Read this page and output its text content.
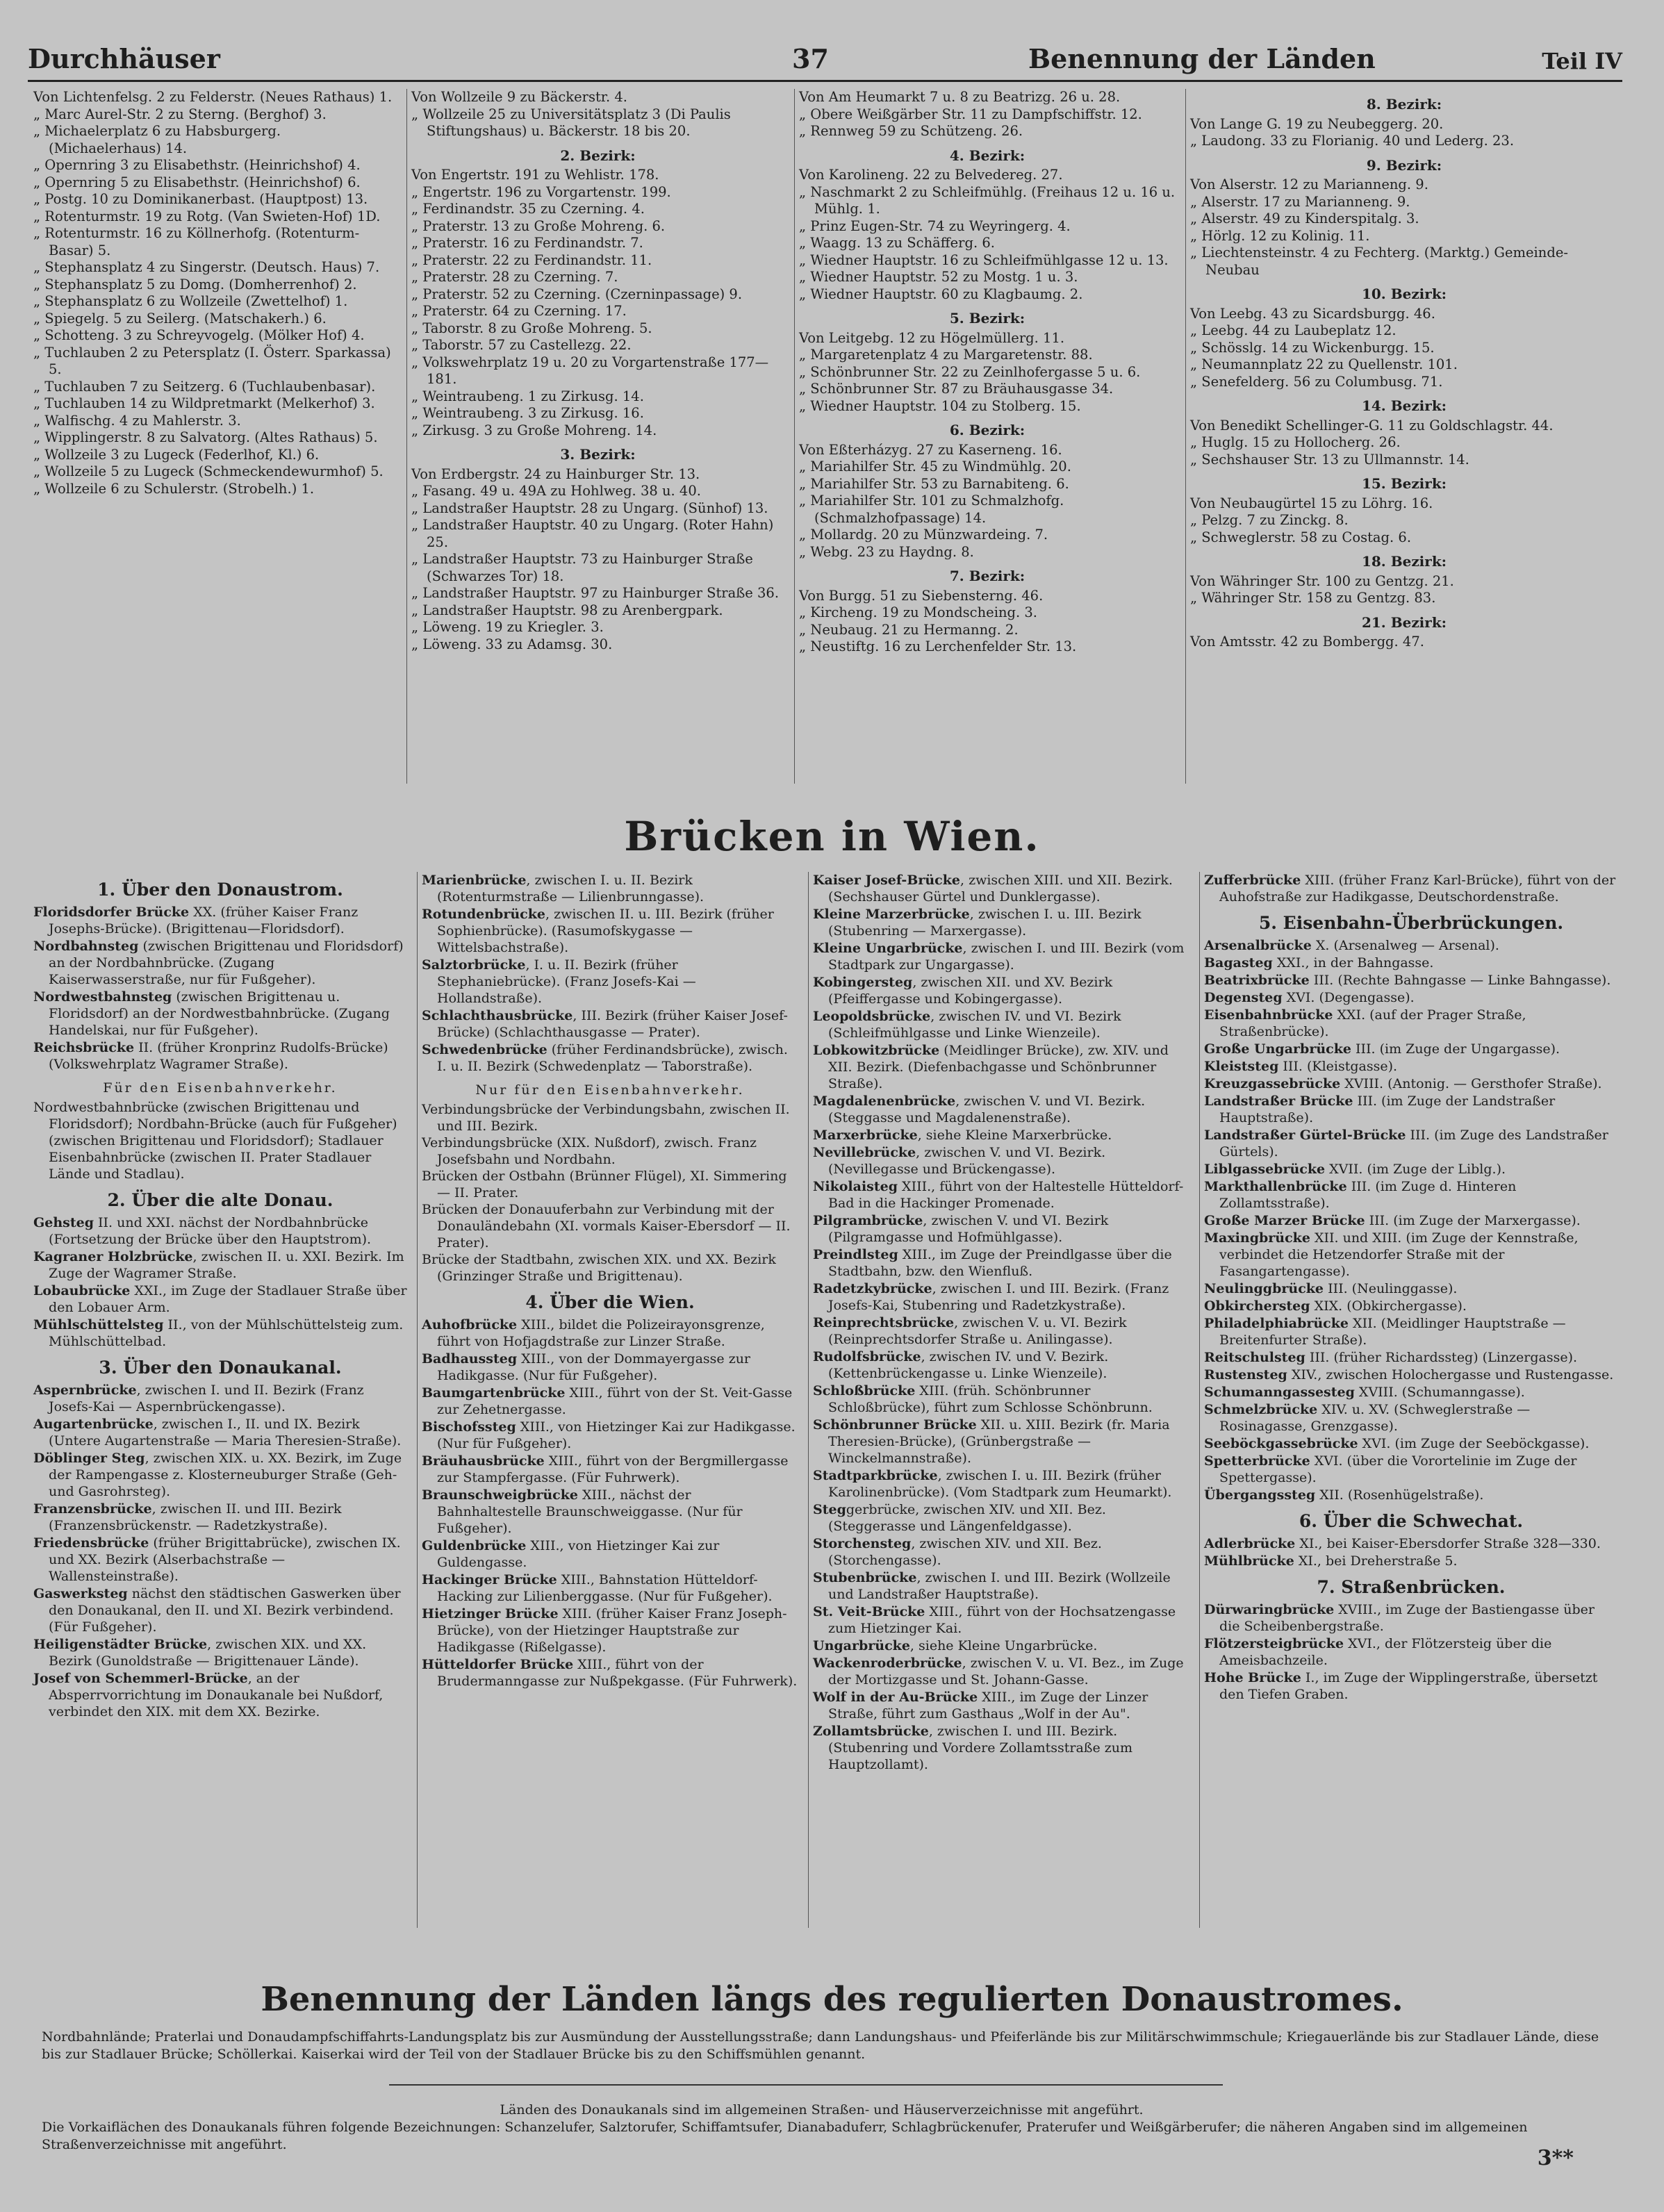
Durchhäuser	37	Benennung der Länden	Teil IV

Von Lichtenfelsg. 2 zu Felderstr. (Neues Rathaus) 1.

„ Marc Aurel-Str. 2 zu Sterng. (Berghof) 3.

„ Michaelerplatz 6 zu Habsburgerg. (Michaelerhaus) 14.

„ Opernring 3 zu Elisabethstr. (Heinrichshof) 4.

„ Opernring 5 zu Elisabethstr. (Heinrichshof) 6.

„ Postg. 10 zu Dominikanerbast. (Hauptpost) 13.

„ Rotenturmstr. 19 zu Rotg. (Van Swieten-Hof) 1D.

„ Rotenturmstr. 16 zu Köllnerhofg. (Rotenturm-Basar) 5.

„ Stephansplatz 4 zu Singerstr. (Deutsch. Haus) 7.

„ Stephansplatz 5 zu Domg. (Domherrenhof) 2.

„ Stephansplatz 6 zu Wollzeile (Zwettelhof) 1.

„ Spiegelg. 5 zu Seilerg. (Matschakerh.) 6.

„ Schotteng. 3 zu Schreyvogelg. (Mölker Hof) 4.

„ Tuchlauben 2 zu Petersplatz (I. Österr. Sparkassa) 5.

„ Tuchlauben 7 zu Seitzerg. 6 (Tuchlaubenbasar).

„ Tuchlauben 14 zu Wildpretmarkt (Melkerhof) 3.

„ Walfischg. 4 zu Mahlerstr. 3.

„ Wipplingerstr. 8 zu Salvatorg. (Altes Rathaus) 5.

„ Wollzeile 3 zu Lugeck (Federlhof, Kl.) 6.

„ Wollzeile 5 zu Lugeck (Schmeckendewurmhof) 5.

„ Wollzeile 6 zu Schulerstr. (Strobelh.) 1.

Von Wollzeile 9 zu Bäckerstr. 4.

„ Wollzeile 25 zu Universitätsplatz 3 (Di Paulis Stiftungshaus) u. Bäckerstr. 18 bis 20.

2. Bezirk:

Von Engertstr. 191 zu Wehlistr. 178.

„ Engertstr. 196 zu Vorgartenstr. 199.

„ Ferdinandstr. 35 zu Czerning. 4.

„ Praterstr. 13 zu Große Mohreng. 6.

„ Praterstr. 16 zu Ferdinandstr. 7.

„ Praterstr. 22 zu Ferdinandstr. 11.

„ Praterstr. 28 zu Czerning. 7.

„ Praterstr. 52 zu Czerning. (Czerninpassage) 9.

„ Praterstr. 64 zu Czerning. 17.

„ Taborstr. 8 zu Große Mohreng. 5.

„ Taborstr. 57 zu Castellezg. 22.

„ Volkswehrplatz 19 u. 20 zu Vorgartenstraße 177—181.

„ Weintraubeng. 1 zu Zirkusg. 14.

„ Weintraubeng. 3 zu Zirkusg. 16.

„ Zirkusg. 3 zu Große Mohreng. 14.

3. Bezirk:

Von Erdbergstr. 24 zu Hainburger Str. 13.

„ Fasang. 49 u. 49A zu Hohlweg. 38 u. 40.

„ Landstraßer Hauptstr. 28 zu Ungarg. (Sünhof) 13.

„ Landstraßer Hauptstr. 40 zu Ungarg. (Roter Hahn) 25.

„ Landstraßer Hauptstr. 73 zu Hainburger Straße (Schwarzes Tor) 18.

„ Landstraßer Hauptstr. 97 zu Hainburger Straße 36.

„ Landstraßer Hauptstr. 98 zu Arenbergpark.

„ Löweng. 19 zu Kriegler. 3.

„ Löweng. 33 zu Adamsg. 30.

Von Am Heumarkt 7 u. 8 zu Beatrizg. 26 u. 28.

„ Obere Weißgärber Str. 11 zu Dampfschiffstr. 12.

„ Rennweg 59 zu Schützeng. 26.

4. Bezirk:

Von Karolineng. 22 zu Belvedereg. 27.

„ Naschmarkt 2 zu Schleifmühlg. (Freihaus 12 u. 16 u. Mühlg. 1.

„ Prinz Eugen-Str. 74 zu Weyringerg. 4.

„ Waagg. 13 zu Schäfferg. 6.

„ Wiedner Hauptstr. 16 zu Schleifmühlgasse 12 u. 13.

„ Wiedner Hauptstr. 52 zu Mostg. 1 u. 3.

„ Wiedner Hauptstr. 60 zu Klagbaumg. 2.

5. Bezirk:

Von Leitgebg. 12 zu Högelmüllerg. 11.

„ Margaretenplatz 4 zu Margaretenstr. 88.

„ Schönbrunner Str. 22 zu Zeinlhofergasse 5 u. 6.

„ Schönbrunner Str. 87 zu Bräuhausgasse 34.

„ Wiedner Hauptstr. 104 zu Stolberg. 15.

6. Bezirk:

Von Eßterházyg. 27 zu Kaserneng. 16.

„ Mariahilfer Str. 45 zu Windmühlg. 20.

„ Mariahilfer Str. 53 zu Barnabiteng. 6.

„ Mariahilfer Str. 101 zu Schmalzhofg. (Schmalzhofpassage) 14.

„ Mollardg. 20 zu Münzwardeing. 7.

„ Webg. 23 zu Haydng. 8.

7. Bezirk:

Von Burgg. 51 zu Siebensterng. 46.

„ Kircheng. 19 zu Mondscheing. 3.

„ Neubaug. 21 zu Hermanng. 2.

„ Neustiftg. 16 zu Lerchenfelder Str. 13.

8. Bezirk:

Von Lange G. 19 zu Neubeggerg. 20.

„ Laudong. 33 zu Florianig. 40 und Lederg. 23.

9. Bezirk:

Von Alserstr. 12 zu Marianneng. 9.

„ Alserstr. 17 zu Marianneng. 9.

„ Alserstr. 49 zu Kinderspitalg. 3.

„ Hörlg. 12 zu Kolinig. 11.

„ Liechtensteinstr. 4 zu Fechterg. (Marktg.) Gemeinde-Neubau

10. Bezirk:

Von Leebg. 43 zu Sicardsburgg. 46.

„ Leebg. 44 zu Laubeplatz 12.

„ Schösslg. 14 zu Wickenburgg. 15.

„ Neumannplatz 22 zu Quellenstr. 101.

„ Senefelderg. 56 zu Columbusg. 71.

14. Bezirk:

Von Benedikt Schellinger-G. 11 zu Goldschlagstr. 44.

„ Huglg. 15 zu Hollocherg. 26.

„ Sechshauser Str. 13 zu Ullmannstr. 14.

15. Bezirk:

Von Neubaugürtel 15 zu Löhrg. 16.

„ Pelzg. 7 zu Zinckg. 8.

„ Schweglerstr. 58 zu Costag. 6.

18. Bezirk:

Von Währinger Str. 100 zu Gentzg. 21.

„ Währinger Str. 158 zu Gentzg. 83.

21. Bezirk:

Von Amtsstr. 42 zu Bombergg. 47.

Brücken in Wien.
1. Über den Donaustrom.

Floridsdorfer Brücke XX. (früher Kaiser Franz Josephs-Brücke). (Brigittenau—Floridsdorf).

Nordbahnsteg (zwischen Brigittenau und Floridsdorf) an der Nordbahnbrücke. (Zugang Kaiserwasserstraße, nur für Fußgeher).

Nordwestbahnsteg (zwischen Brigittenau u. Floridsdorf) an der Nordwestbahnbrücke. (Zugang Handelskai, nur für Fußgeher).

Reichsbrücke II. (früher Kronprinz Rudolfs-Brücke) (Volkswehrplatz Wagramer Straße).

Für den Eisenbahnverkehr.
Nordwestbahnbrücke (zwischen Brigittenau und Floridsdorf); Nordbahn-Brücke (auch für Fußgeher) (zwischen Brigittenau und Floridsdorf); Stadlauer Eisenbahnbrücke (zwischen II. Prater Stadlauer Lände und Stadlau).
2. Über die alte Donau.

Gehsteg II. und XXI. nächst der Nordbahnbrücke (Fortsetzung der Brücke über den Hauptstrom).

Kagraner Holzbrücke, zwischen II. u. XXI. Bezirk. Im Zuge der Wagramer Straße.

Lobaubrücke XXI., im Zuge der Stadlauer Straße über den Lobauer Arm.

Mühlschüttelsteg II., von der Mühlschüttelsteig zum. Mühlschüttelbad.

3. Über den Donaukanal.

Aspernbrücke, zwischen I. und II. Bezirk (Franz Josefs-Kai — Aspernbrückengasse).

Augartenbrücke, zwischen I., II. und IX. Bezirk (Untere Augartenstraße — Maria Theresien-Straße).

Döblinger Steg, zwischen XIX. u. XX. Bezirk, im Zuge der Rampengasse z. Klosterneuburger Straße (Geh- und Gasrohrsteg).

Franzensbrücke, zwischen II. und III. Bezirk (Franzensbrückenstr. — Radetzkystraße).

Friedensbrücke (früher Brigittabrücke), zwischen IX. und XX. Bezirk (Alserbachstraße — Wallensteinstraße).

Gaswerksteg nächst den städtischen Gaswerken über den Donaukanal, den II. und XI. Bezirk verbindend. (Für Fußgeher).

Heiligenstädter Brücke, zwischen XIX. und XX. Bezirk (Gunoldstraße — Brigittenauer Lände).

Josef von Schemmerl-Brücke, an der Absperrvorrichtung im Donaukanale bei Nußdorf, verbindet den XIX. mit dem XX. Bezirke.

Marienbrücke, zwischen I. u. II. Bezirk (Rotenturmstraße — Lilienbrunngasse).

Rotundenbrücke, zwischen II. u. III. Bezirk (früher Sophienbrücke). (Rasumofskygasse — Wittelsbachstraße).

Salztorbrücke, I. u. II. Bezirk (früher Stephaniebrücke). (Franz Josefs-Kai — Hollandstraße).

Schlachthausbrücke, III. Bezirk (früher Kaiser Josef-Brücke) (Schlachthausgasse — Prater).

Schwedenbrücke (früher Ferdinandsbrücke), zwisch. I. u. II. Bezirk (Schwedenplatz — Taborstraße).

Nur für den Eisenbahnverkehr.

Verbindungsbrücke der Verbindungsbahn, zwischen II. und III. Bezirk.

Verbindungsbrücke (XIX. Nußdorf), zwisch. Franz Josefsbahn und Nordbahn.

Brücken der Ostbahn (Brünner Flügel), XI. Simmering — II. Prater.

Brücken der Donauuferbahn zur Verbindung mit der Donauländebahn (XI. vormals Kaiser-Ebersdorf — II. Prater).

Brücke der Stadtbahn, zwischen XIX. und XX. Bezirk (Grinzinger Straße und Brigittenau).

4. Über die Wien.

Auhofbrücke XIII., bildet die Polizeirayonsgrenze, führt von Hofjagdstraße zur Linzer Straße.

Badhaussteg XIII., von der Dommayergasse zur Hadikgasse. (Nur für Fußgeher).

Baumgartenbrücke XIII., führt von der St. Veit-Gasse zur Zehetnergasse.

Bischofssteg XIII., von Hietzinger Kai zur Hadikgasse. (Nur für Fußgeher).

Bräuhausbrücke XIII., führt von der Bergmillergasse zur Stampfergasse. (Für Fuhrwerk).

Braunschweigbrücke XIII., nächst der Bahnhaltestelle Braunschweiggasse. (Nur für Fußgeher).

Guldenbrücke XIII., von Hietzinger Kai zur Guldengasse.

Hackinger Brücke XIII., Bahnstation Hütteldorf-Hacking zur Lilienberggasse. (Nur für Fußgeher).

Hietzinger Brücke XIII. (früher Kaiser Franz Joseph-Brücke), von der Hietzinger Hauptstraße zur Hadikgasse (Rißelgasse).

Hütteldorfer Brücke XIII., führt von der Brudermanngasse zur Nußpekgasse. (Für Fuhrwerk).

Kaiser Josef-Brücke, zwischen XIII. und XII. Bezirk. (Sechshauser Gürtel und Dunklergasse).

Kleine Marzerbrücke, zwischen I. u. III. Bezirk (Stubenring — Marxergasse).

Kleine Ungarbrücke, zwischen I. und III. Bezirk (vom Stadtpark zur Ungargasse).

Kobingersteg, zwischen XII. und XV. Bezirk (Pfeiffergasse und Kobingergasse).

Leopoldsbrücke, zwischen IV. und VI. Bezirk (Schleifmühlgasse und Linke Wienzeile).

Lobkowitzbrücke (Meidlinger Brücke), zw. XIV. und XII. Bezirk. (Diefenbachgasse und Schönbrunner Straße).

Magdalenenbrücke, zwischen V. und VI. Bezirk. (Steggasse und Magdalenenstraße).

Marxerbrücke, siehe Kleine Marxerbrücke.

Nevillebrücke, zwischen V. und VI. Bezirk. (Nevillegasse und Brückengasse).

Nikolaisteg XIII., führt von der Haltestelle Hütteldorf-Bad in die Hackinger Promenade.

Pilgrambrücke, zwischen V. und VI. Bezirk (Pilgramgasse und Hofmühlgasse).

Preindlsteg XIII., im Zuge der Preindlgasse über die Stadtbahn, bzw. den Wienfluß.

Radetzkybrücke, zwischen I. und III. Bezirk. (Franz Josefs-Kai, Stubenring und Radetzkystraße).

Reinprechtsbrücke, zwischen V. u. VI. Bezirk (Reinprechtsdorfer Straße u. Anilingasse).

Rudolfsbrücke, zwischen IV. und V. Bezirk. (Kettenbrückengasse u. Linke Wienzeile).

Schloßbrücke XIII. (früh. Schönbrunner Schloßbrücke), führt zum Schlosse Schönbrunn.

Schönbrunner Brücke XII. u. XIII. Bezirk (fr. Maria Theresien-Brücke), (Grünbergstraße — Winckelmannstraße).

Stadtparkbrücke, zwischen I. u. III. Bezirk (früher Karolinenbrücke). (Vom Stadtpark zum Heumarkt).

Steggerbrücke, zwischen XIV. und XII. Bez. (Steggerasse und Längenfeldgasse).

Storchensteg, zwischen XIV. und XII. Bez. (Storchengasse).

Stubenbrücke, zwischen I. und III. Bezirk (Wollzeile und Landstraßer Hauptstraße).

St. Veit-Brücke XIII., führt von der Hochsatzengasse zum Hietzinger Kai.

Ungarbrücke, siehe Kleine Ungarbrücke.

Wackenroderbrücke, zwischen V. u. VI. Bez., im Zuge der Mortizgasse und St. Johann-Gasse.

Wolf in der Au-Brücke XIII., im Zuge der Linzer Straße, führt zum Gasthaus „Wolf in der Au".

Zollamtsbrücke, zwischen I. und III. Bezirk. (Stubenring und Vordere Zollamtsstraße zum Hauptzollamt).

Zufferbrücke XIII. (früher Franz Karl-Brücke), führt von der Auhofstraße zur Hadikgasse, Deutschordenstraße.

5. Eisenbahn-Überbrückungen.

Arsenalbrücke X. (Arsenalweg — Arsenal).

Bagasteg XXI., in der Bahngasse.

Beatrixbrücke III. (Rechte Bahngasse — Linke Bahngasse).

Degensteg XVI. (Degengasse).

Eisenbahnbrücke XXI. (auf der Prager Straße, Straßenbrücke).

Große Ungarbrücke III. (im Zuge der Ungargasse).

Kleiststeg III. (Kleistgasse).

Kreuzgassebrücke XVIII. (Antonig. — Gersthofer Straße).

Landstraßer Brücke III. (im Zuge der Landstraßer Hauptstraße).

Landstraßer Gürtel-Brücke III. (im Zuge des Landstraßer Gürtels).

Liblgassebrücke XVII. (im Zuge der Liblg.).

Markthallenbrücke III. (im Zuge d. Hinteren Zollamtsstraße).

Große Marzer Brücke III. (im Zuge der Marxergasse).

Maxingbrücke XII. und XIII. (im Zuge der Kennstraße, verbindet die Hetzendorfer Straße mit der Fasangartengasse).

Neulinggbrücke III. (Neulinggasse).

Obkirchersteg XIX. (Obkirchergasse).

Philadelphiabrücke XII. (Meidlinger Hauptstraße — Breitenfurter Straße).

Reitschulsteg III. (früher Richardssteg) (Linzergasse).

Rustensteg XIV., zwischen Holochergasse und Rustengasse.

Schumanngassesteg XVIII. (Schumanngasse).

Schmelzbrücke XIV. u. XV. (Schweglerstraße — Rosinagasse, Grenzgasse).

Seeböckgassebrücke XVI. (im Zuge der Seeböckgasse).

Spetterbrücke XVI. (über die Vorortelinie im Zuge der Spettergasse).

Übergangssteg XII. (Rosenhügelstraße).

6. Über die Schwechat.

Adlerbrücke XI., bei Kaiser-Ebersdorfer Straße 328—330.

Mühlbrücke XI., bei Dreherstraße 5.

7. Straßenbrücken.

Dürwaringbrücke XVIII., im Zuge der Bastiengasse über die Scheibenbergstraße.

Flötzersteigbrücke XVI., der Flötzersteig über die Ameisbachzeile.

Hohe Brücke I., im Zuge der Wipplingerstraße, übersetzt den Tiefen Graben.

Benennung der Länden längs des regulierten Donaustromes.
Nordbahnlände; Praterlai und Donaudampfschiffahrts-Landungsplatz bis zur Ausmündung der Ausstellungsstraße; dann Landungshaus- und Pfeiferlände bis zur Militärschwimmschule; Kriegauerlände bis zur Stadlauer Lände, diese bis zur Stadlauer Brücke; Schöllerkai. Kaiserkai wird der Teil von der Stadlauer Brücke bis zu den Schiffsmühlen genannt.
Länden des Donaukanals sind im allgemeinen Straßen- und Häuserverzeichnisse mit angeführt.
Die Vorkaiflächen des Donaukanals führen folgende Bezeichnungen: Schanzelufer, Salztorufer, Schiffamtsufer, Dianabaduferr, Schlagbrückenufer, Praterufer und Weißgärberufer; die näheren Angaben sind im allgemeinen Straßenverzeichnisse mit angeführt.
3**
